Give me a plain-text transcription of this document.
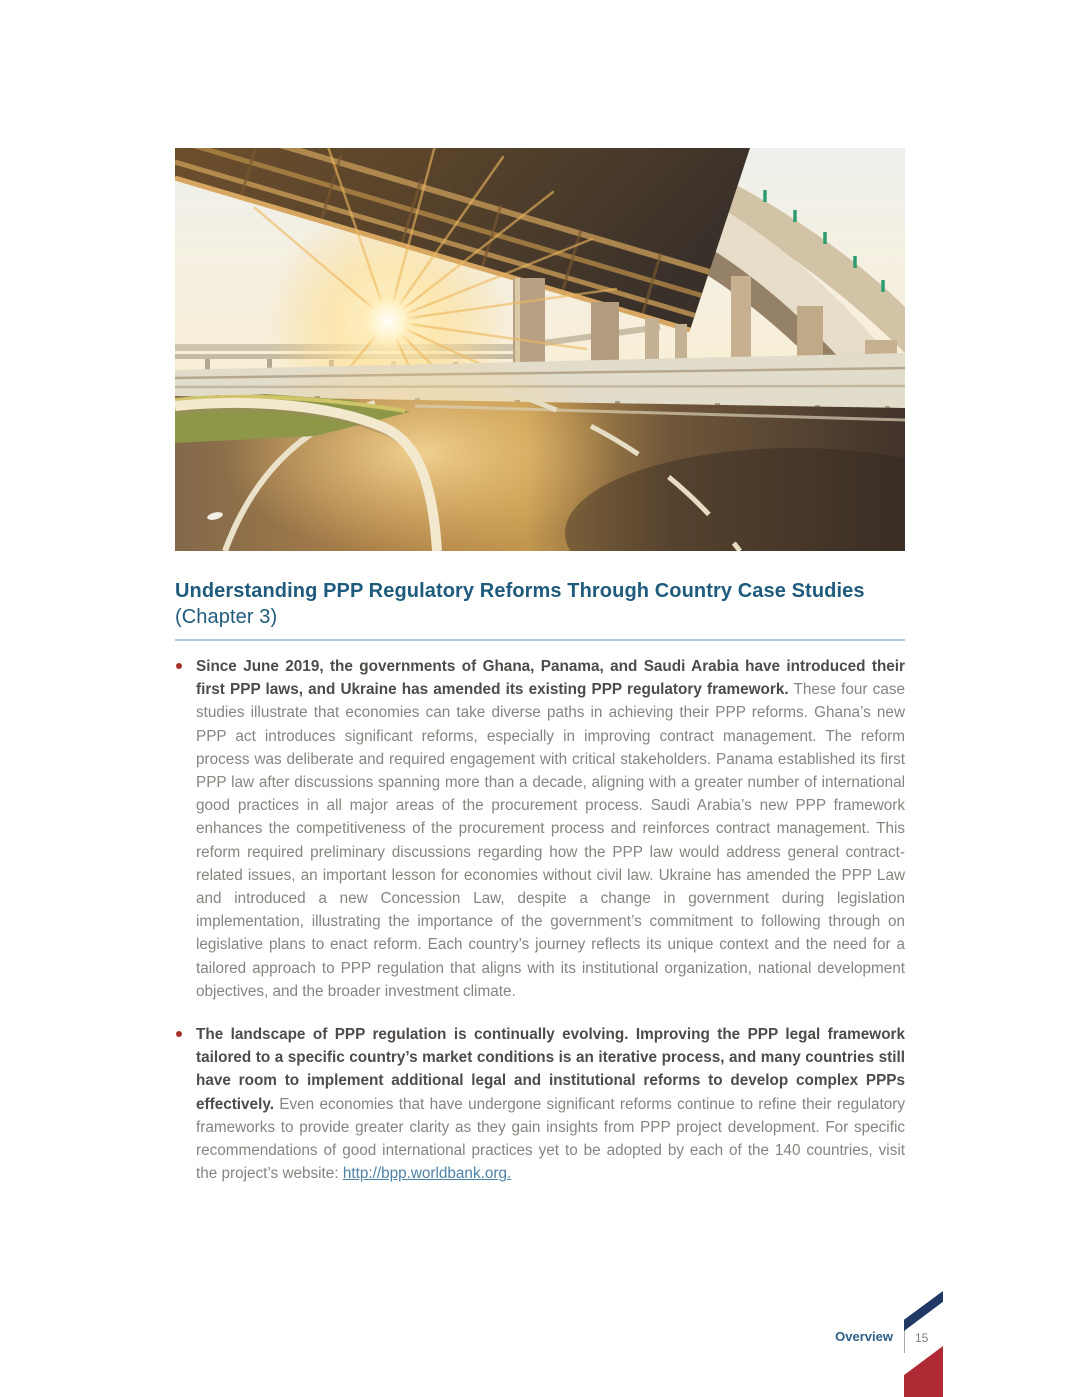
Understanding PPP Regulatory Reforms Through Country Case Studies
(Chapter 3)
Since June 2019, the governments of Ghana, Panama, and Saudi Arabia have introduced their first PPP laws, and Ukraine has amended its existing PPP regulatory framework. These four case studies illustrate that economies can take diverse paths in achieving their PPP reforms. Ghana’s new PPP act introduces significant reforms, especially in improving contract management. The reform process was deliberate and required engagement with critical stakeholders. Panama established its first PPP law after discussions spanning more than a decade, aligning with a greater number of international good practices in all major areas of the procurement process. Saudi Arabia’s new PPP framework enhances the competitiveness of the procurement process and reinforces contract management. This reform required preliminary discussions regarding how the PPP law would address general contract-related issues, an important lesson for economies without civil law. Ukraine has amended the PPP Law and introduced a new Concession Law, despite a change in government during legislation implementation, illustrating the importance of the government’s commitment to following through on legislative plans to enact reform. Each country’s journey reflects its unique context and the need for a tailored approach to PPP regulation that aligns with its institutional organization, national development objectives, and the broader investment climate.
The landscape of PPP regulation is continually evolving. Improving the PPP legal framework tailored to a specific country’s market conditions is an iterative process, and many countries still have room to implement additional legal and institutional reforms to develop complex PPPs effectively. Even economies that have undergone significant reforms continue to refine their regulatory frameworks to provide greater clarity as they gain insights from PPP project development. For specific recommendations of good international practices yet to be adopted by each of the 140 countries, visit the project’s website: http://bpp.worldbank.org.
Overview 15
